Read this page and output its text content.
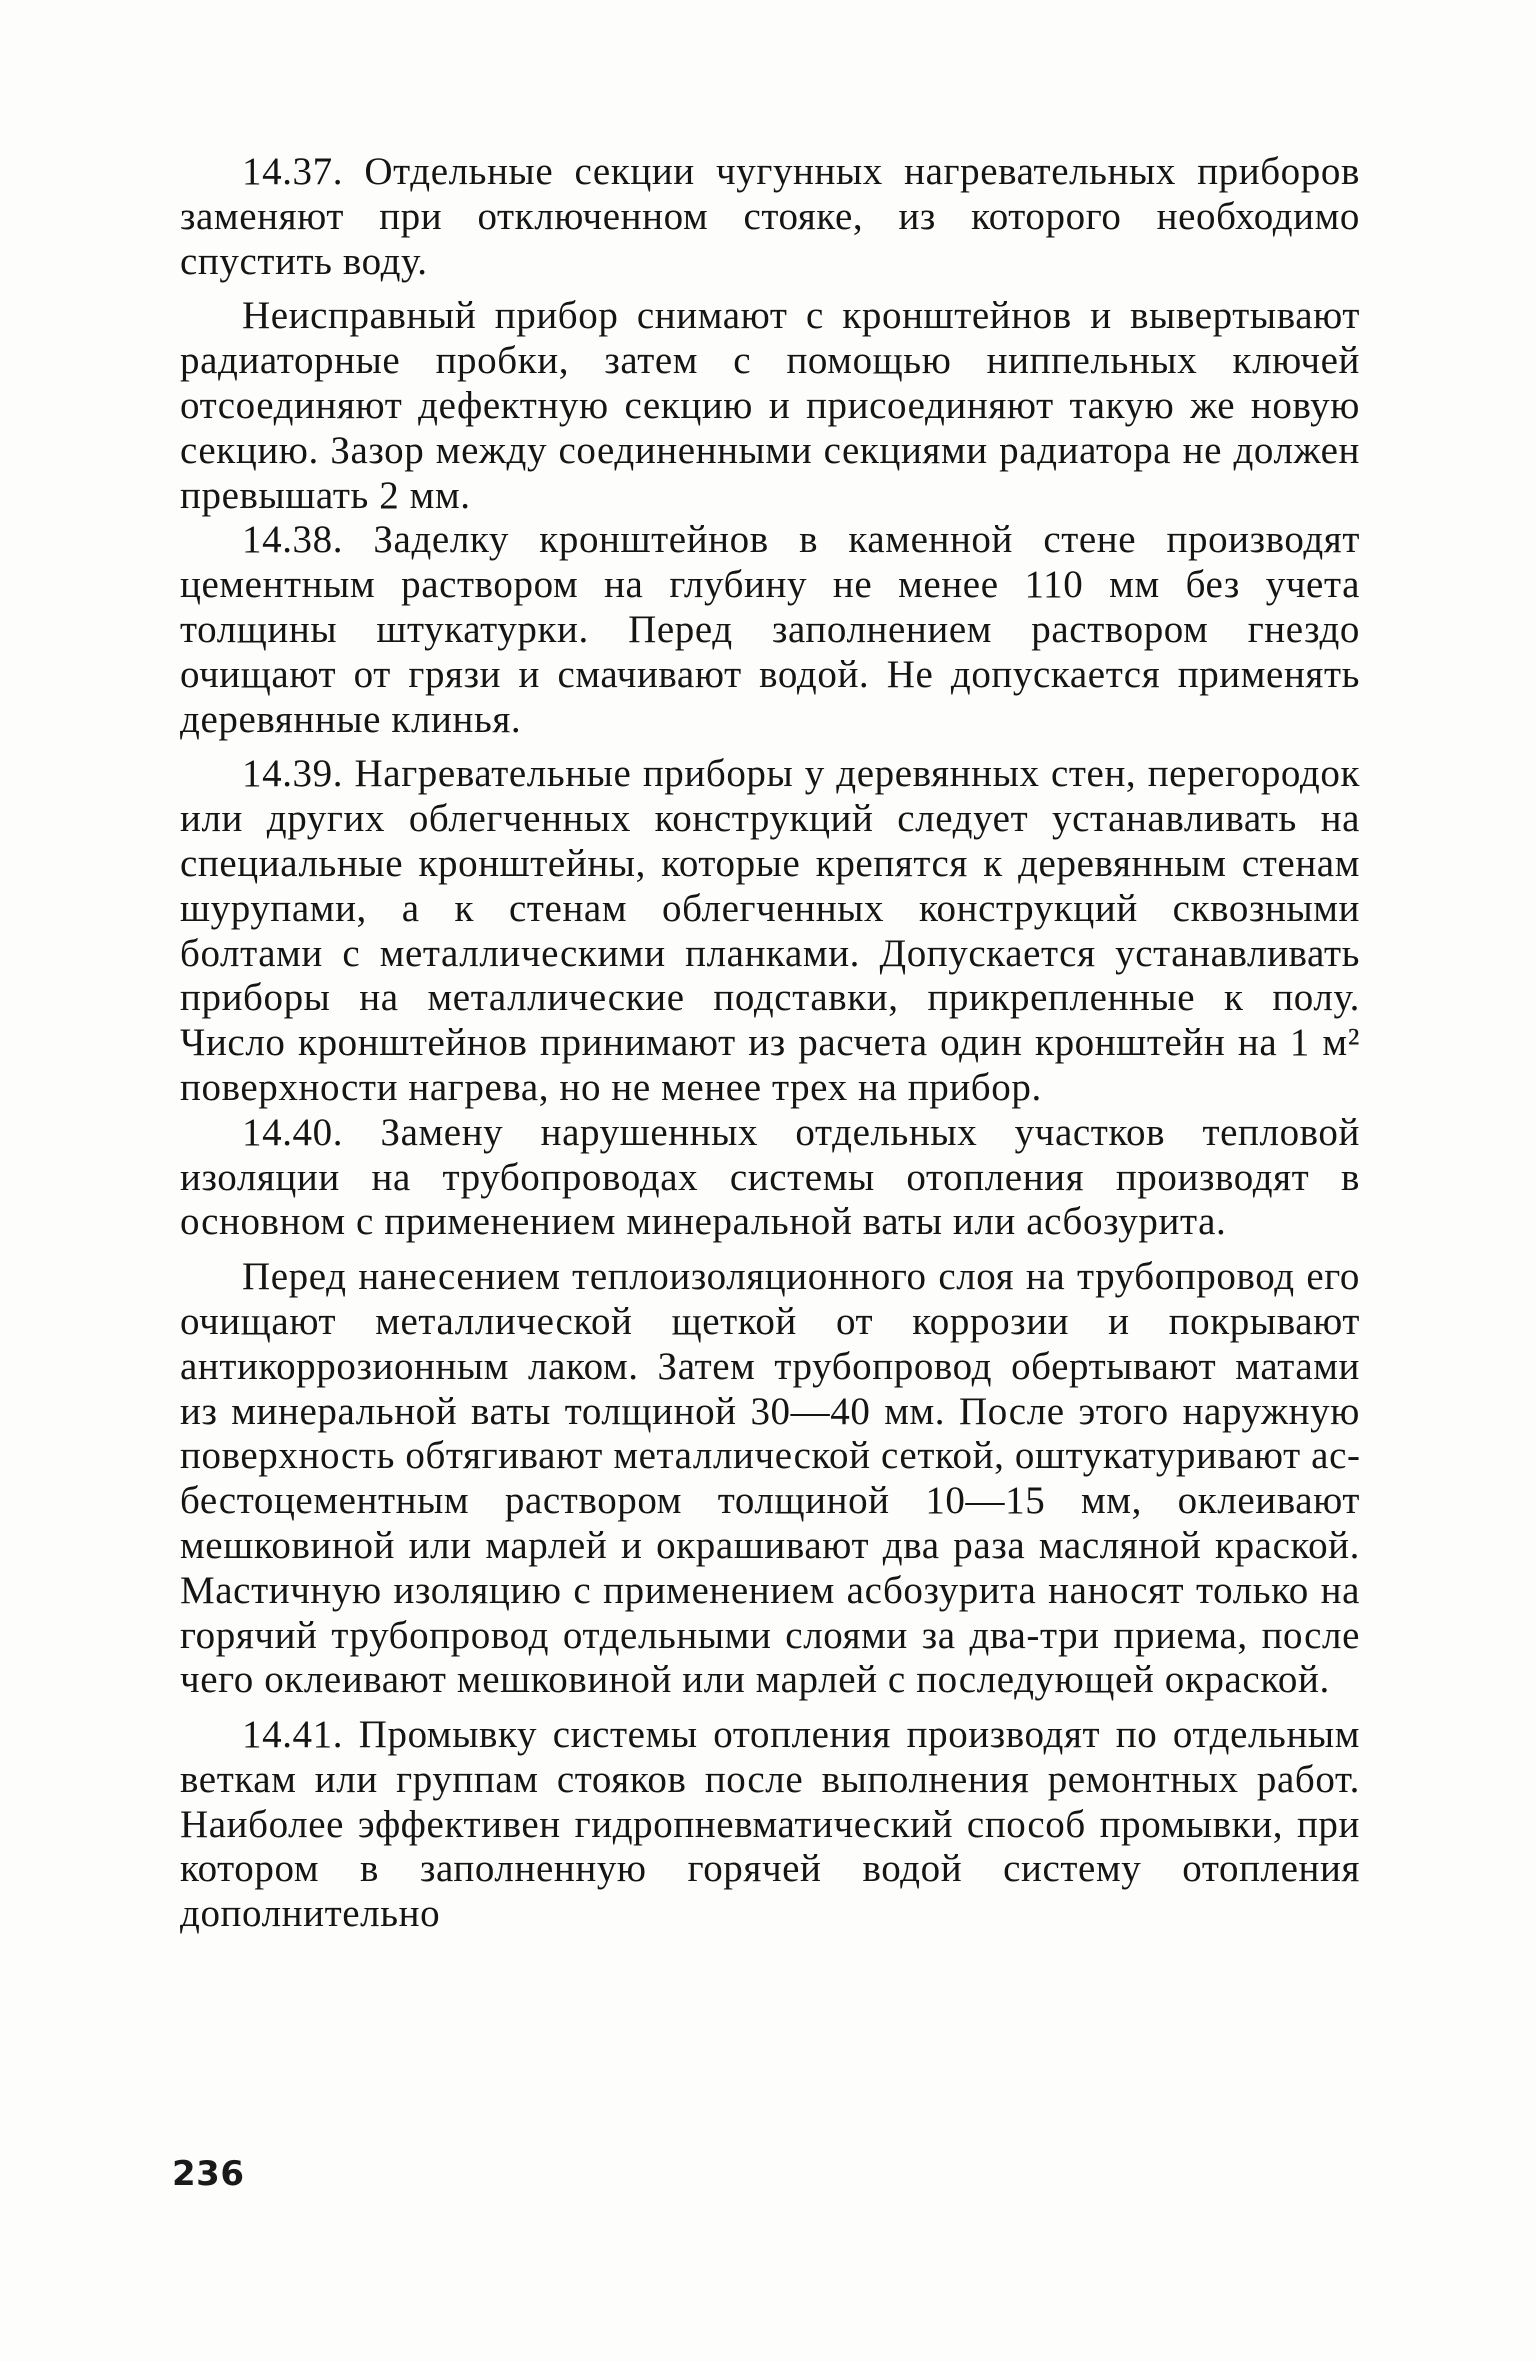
14.37. Отдельные секции чугунных нагревательных приборов заменяют при отключенном стояке, из которого необходимо спустить воду.

Неисправный прибор снимают с кронштейнов и вывертывают радиаторные пробки, затем с помощью ниппельных ключей отсоединяют дефектную секцию и присоединяют такую же новую секцию. Зазор между соединенными секциями радиатора не должен превышать 2 мм.

14.38. Заделку кронштейнов в каменной стене производят цементным раствором на глубину не менее 110 мм без учета толщины штукатурки. Перед заполнением раствором гнездо очищают от грязи и смачивают водой. Не допускается применять деревянные клинья.

14.39. Нагревательные приборы у деревянных стен, перегородок или других облегченных конструкций следует устанавливать на специальные кронштейны, которые крепятся к деревянным стенам шурупами, а к стенам облегченных конструкций сквозными болтами с металлическими планками. Допускается устанавливать приборы на металлические подставки, прикрепленные к полу. Число кронштейнов принимают из расчета один кронштейн на 1 м² поверхности нагрева, но не менее трех на прибор.

14.40. Замену нарушенных отдельных участков тепловой изоляции на трубопроводах системы отопления производят в основном с применением минеральной ваты или асбозурита.

Перед нанесением теплоизоляционного слоя на трубопровод его очищают металлической щеткой от коррозии и покрывают антикоррозионным лаком. Затем трубопровод обертывают матами из минеральной ваты толщиной 30—40 мм. После этого наружную поверхность обтягивают металлической сеткой, оштукатуривают асбестоцементным раствором толщиной 10—15 мм, оклеивают мешковиной или марлей и окрашивают два раза масляной краской. Мастичную изоляцию с применением асбозурита наносят только на горячий трубопровод отдельными слоями за два-три приема, после чего оклеивают мешковиной или марлей с последующей окраской.

14.41. Промывку системы отопления производят по отдельным веткам или группам стояков после выполнения ремонтных работ. Наиболее эффективен гидропневматический способ промывки, при котором в заполненную горячей водой систему отопления дополнительно

236
